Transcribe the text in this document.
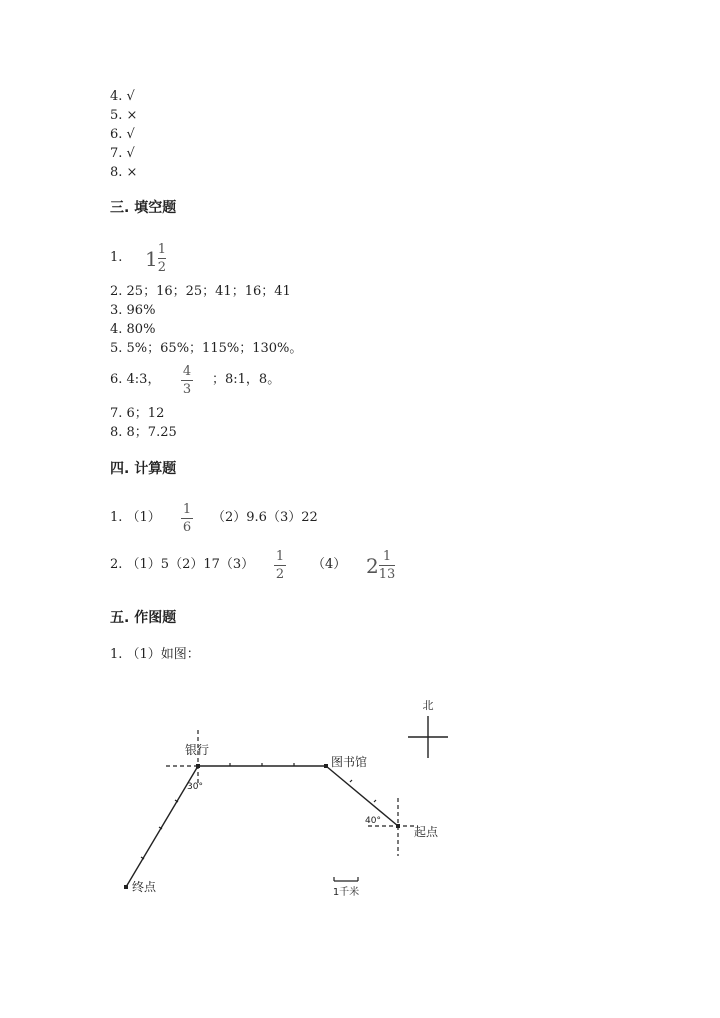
4. √
5. ×
6. √
7. √
8. ×
三. 填空题
1. $1 \frac{1}{2}$
2. 25；16；25；41；16；41
3. 96%
4. 80%
5. 5%；65%；115%；130%。
6. 4:3，
4
3
；8:1，8。
7. 6；12
8. 8；7.25
四. 计算题
1. （1）
1
6
（2）9.6（3）22
2. （1）5（2）17（3）
1
2
（4） $2 \frac{1}{13}$
五. 作图题
1. （1）如图：
北
银行
图书馆
起点
终点
30°
40°
1千米
